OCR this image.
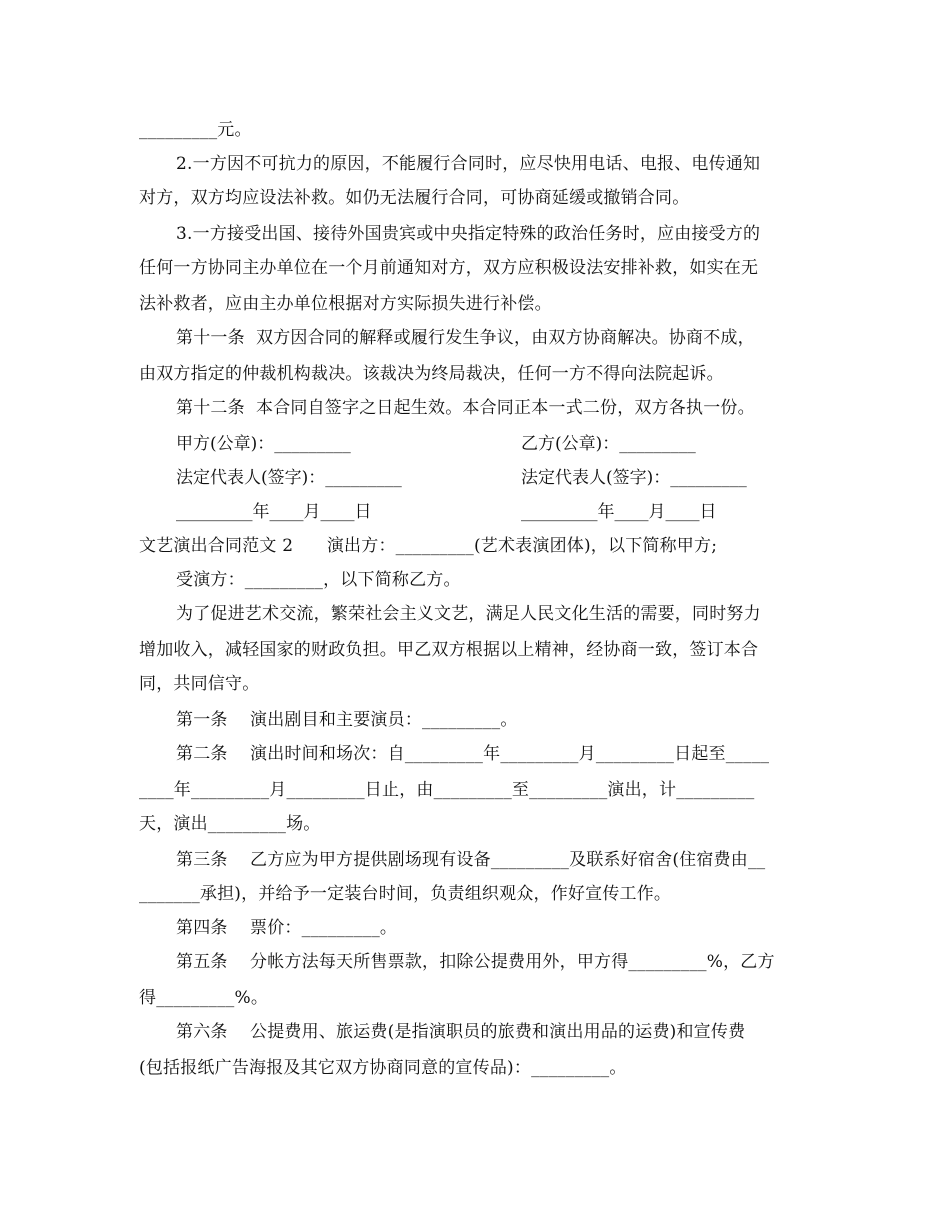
_________元。
2.一方因不可抗力的原因，不能履行合同时，应尽快用电话、电报、电传通知
对方，双方均应设法补救。如仍无法履行合同，可协商延缓或撤销合同。
3.一方接受出国、接待外国贵宾或中央指定特殊的政治任务时，应由接受方的
任何一方协同主办单位在一个月前通知对方，双方应积极设法安排补救，如实在无
法补救者，应由主办单位根据对方实际损失进行补偿。
第十一条  双方因合同的解释或履行发生争议，由双方协商解决。协商不成，
由双方指定的仲裁机构裁决。该裁决为终局裁决，任何一方不得向法院起诉。
第十二条  本合同自签字之日起生效。本合同正本一式二份，双方各执一份。
甲方(公章)：_________	乙方(公章)：_________
法定代表人(签字)：_________	法定代表人(签字)：_________
_________年____月____日	_________年____月____日
文艺演出合同范文 2      演出方：_________(艺术表演团体)，以下简称甲方;
受演方：_________，以下简称乙方。
为了促进艺术交流，繁荣社会主义文艺，满足人民文化生活的需要，同时努力
增加收入，减轻国家的财政负担。甲乙双方根据以上精神，经协商一致，签订本合
同，共同信守。
第一条    演出剧目和主要演员：_________。
第二条    演出时间和场次：自_________年_________月_________日起至_____
____年_________月_________日止，由_________至_________演出，计_________
天，演出_________场。
第三条    乙方应为甲方提供剧场现有设备_________及联系好宿舍(住宿费由__
_______承担)，并给予一定装台时间，负责组织观众，作好宣传工作。
第四条    票价：_________。
第五条    分帐方法每天所售票款，扣除公提费用外，甲方得_________%，乙方
得_________%。
第六条    公提费用、旅运费(是指演职员的旅费和演出用品的运费)和宣传费
(包括报纸广告海报及其它双方协商同意的宣传品)：_________。
